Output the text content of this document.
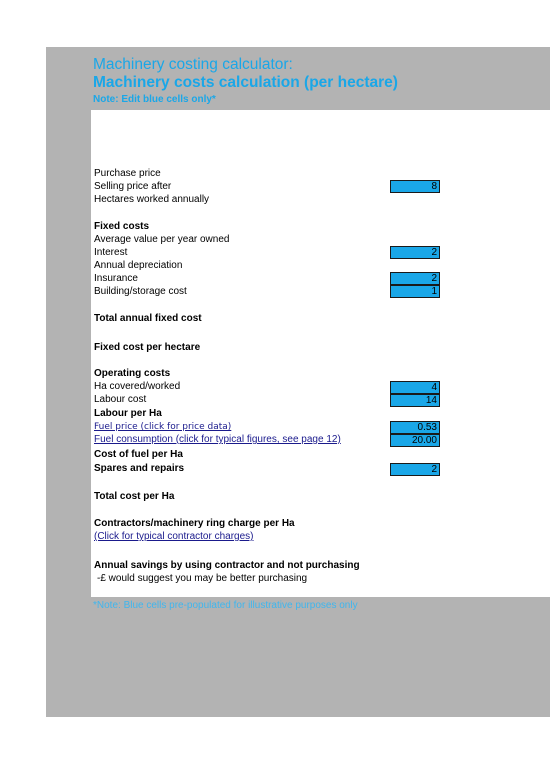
Machinery costing calculator:
Machinery costs calculation (per hectare)
Note: Edit blue cells only*
Purchase price
Selling price after	8
Hectares worked annually
Fixed costs
Average value per year owned
Interest	2
Annual depreciation
Insurance	2
Building/storage cost	1
Total annual fixed cost
Fixed cost per hectare
Operating costs
Ha covered/worked	4
Labour cost	14
Labour per Ha
Fuel price (click for price data)	0.53
Fuel consumption (click for typical figures, see page 12)	20.00
Cost of fuel per Ha
Spares and repairs	2
Total cost per Ha
Contractors/machinery ring charge per Ha
(Click for typical contractor charges)
Annual savings by using contractor and not purchasing
-£ would suggest you may be better purchasing
*Note: Blue cells pre-populated for illustrative purposes only
